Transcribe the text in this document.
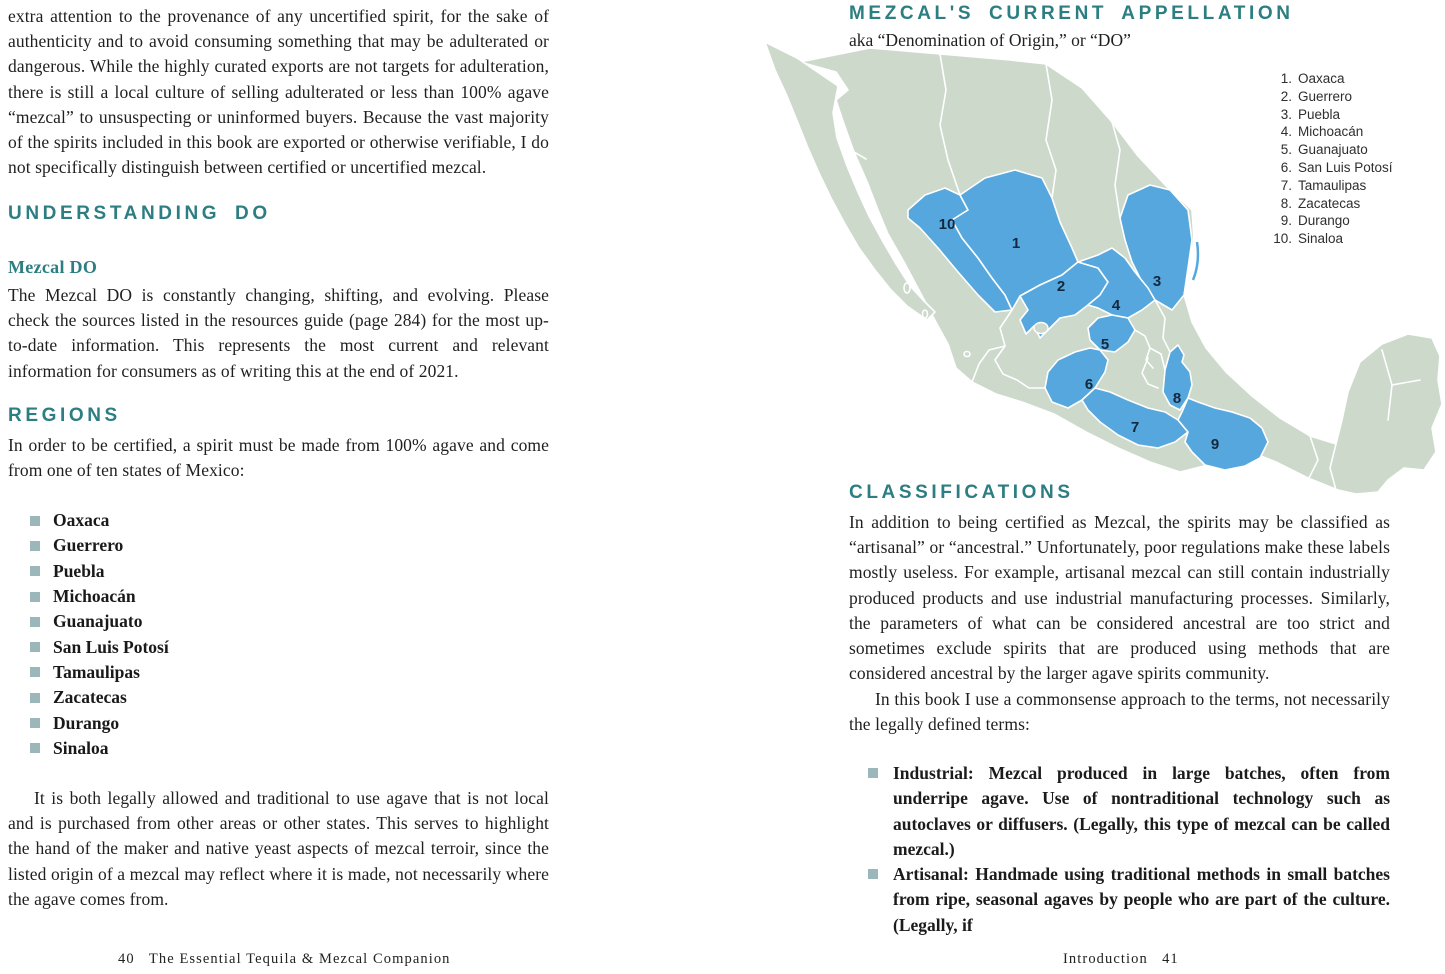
extra attention to the provenance of any uncertified spirit, for the sake of authenticity and to avoid consuming something that may be adulterated or dangerous. While the highly curated exports are not targets for adulteration, there is still a local culture of selling adulterated or less than 100% agave “mezcal” to unsuspecting or uninformed buyers. Because the vast majority of the spirits included in this book are exported or otherwise verifiable, I do not specifically distinguish between certified or uncertified mezcal.
UNDERSTANDING DO
Mezcal DO
The Mezcal DO is constantly changing, shifting, and evolving. Please check the sources listed in the resources guide (page 284) for the most up-to-date information. This represents the most current and relevant information for consumers as of writing this at the end of 2021.
REGIONS
In order to be certified, a spirit must be made from 100% agave and come from one of ten states of Mexico:
Oaxaca
Guerrero
Puebla
Michoacán
Guanajuato
San Luis Potosí
Tamaulipas
Zacatecas
Durango
Sinaloa
It is both legally allowed and traditional to use agave that is not local and is purchased from other areas or other states. This serves to highlight the hand of the maker and native yeast aspects of mezcal terroir, since the listed origin of a mezcal may reflect where it is made, not necessarily where the agave comes from.
40 The Essential Tequila & Mezcal Companion
MEZCAL'S CURRENT APPELLATION
aka “Denomination of Origin,” or “DO”
10
1
2	3
4
5
6
7
8
9
1. Oaxaca
2. Guerrero
3. Puebla
4. Michoacán
5. Guanajuato
6. San Luis Potosí
7. Tamaulipas
8. Zacatecas
9. Durango
10. Sinaloa
CLASSIFICATIONS
In addition to being certified as Mezcal, the spirits may be classified as “artisanal” or “ancestral.” Unfortunately, poor regulations make these labels mostly useless. For example, artisanal mezcal can still contain industrially produced products and use industrial manufacturing processes. Similarly, the parameters of what can be considered ancestral are too strict and sometimes exclude spirits that are produced using methods that are considered ancestral by the larger agave spirits community.
In this book I use a commonsense approach to the terms, not necessarily the legally defined terms:
Industrial: Mezcal produced in large batches, often from underripe agave. Use of nontraditional technology such as autoclaves or diffusers. (Legally, this type of mezcal can be called mezcal.)
Artisanal: Handmade using traditional methods in small batches from ripe, seasonal agaves by people who are part of the culture. (Legally, if
Introduction 41
